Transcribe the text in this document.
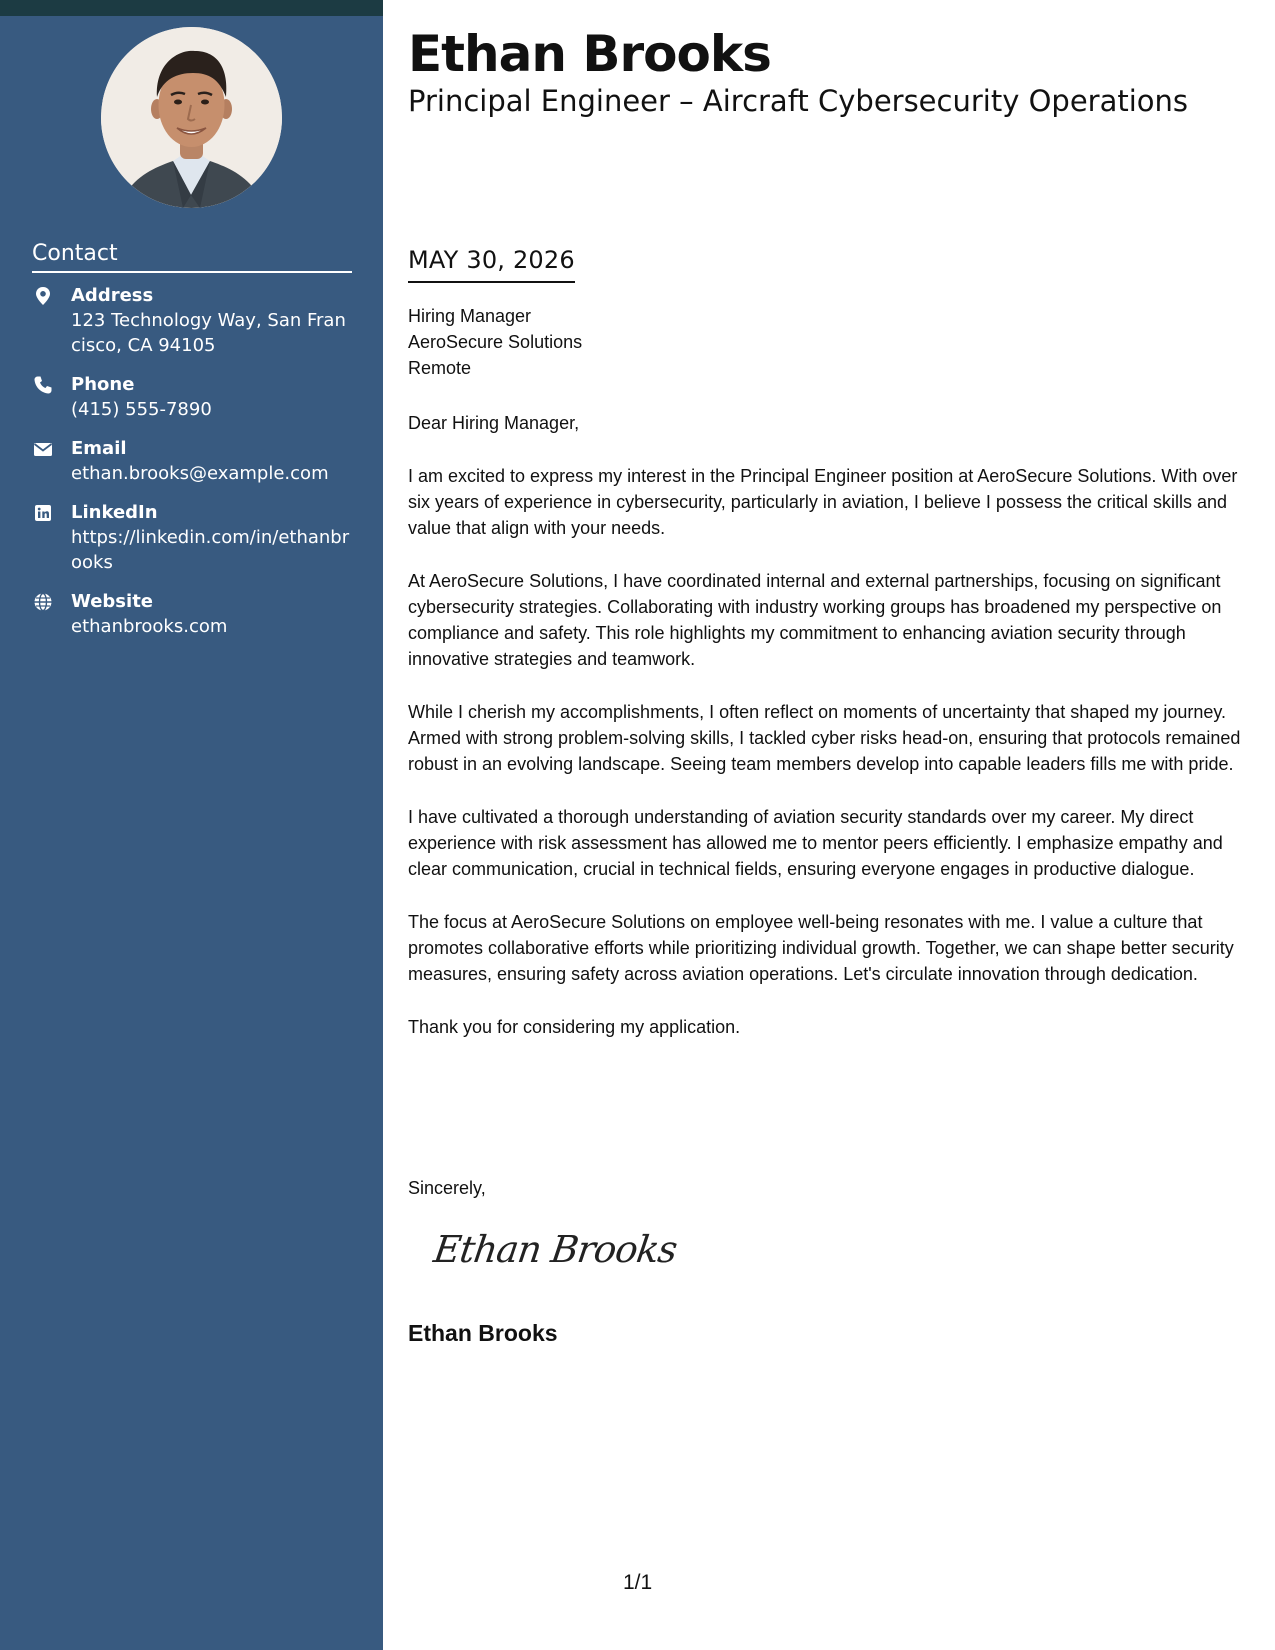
Contact
Address
123 Technology Way, San Francisco, CA 94105
Phone
(415) 555-7890
Email
ethan.brooks@example.com
LinkedIn
https://linkedin.com/in/ethanbrooks
Website
ethanbrooks.com
Ethan Brooks
Principal Engineer – Aircraft Cybersecurity Operations
MAY 30, 2026
Hiring Manager
AeroSecure Solutions
Remote

Dear Hiring Manager,

I am excited to express my interest in the Principal Engineer position at AeroSecure Solutions. With over six years of experience in cybersecurity, particularly in aviation, I believe I possess the critical skills and value that align with your needs.

At AeroSecure Solutions, I have coordinated internal and external partnerships, focusing on significant cybersecurity strategies. Collaborating with industry working groups has broadened my perspective on compliance and safety. This role highlights my commitment to enhancing aviation security through innovative strategies and teamwork.

While I cherish my accomplishments, I often reflect on moments of uncertainty that shaped my journey. Armed with strong problem-solving skills, I tackled cyber risks head-on, ensuring that protocols remained robust in an evolving landscape. Seeing team members develop into capable leaders fills me with pride.

I have cultivated a thorough understanding of aviation security standards over my career. My direct experience with risk assessment has allowed me to mentor peers efficiently. I emphasize empathy and clear communication, crucial in technical fields, ensuring everyone engages in productive dialogue.

The focus at AeroSecure Solutions on employee well-being resonates with me. I value a culture that promotes collaborative efforts while prioritizing individual growth. Together, we can shape better security measures, ensuring safety across aviation operations. Let's circulate innovation through dedication.

Thank you for considering my application.

Sincerely,
Ethan Brooks
Ethan Brooks
1/1
